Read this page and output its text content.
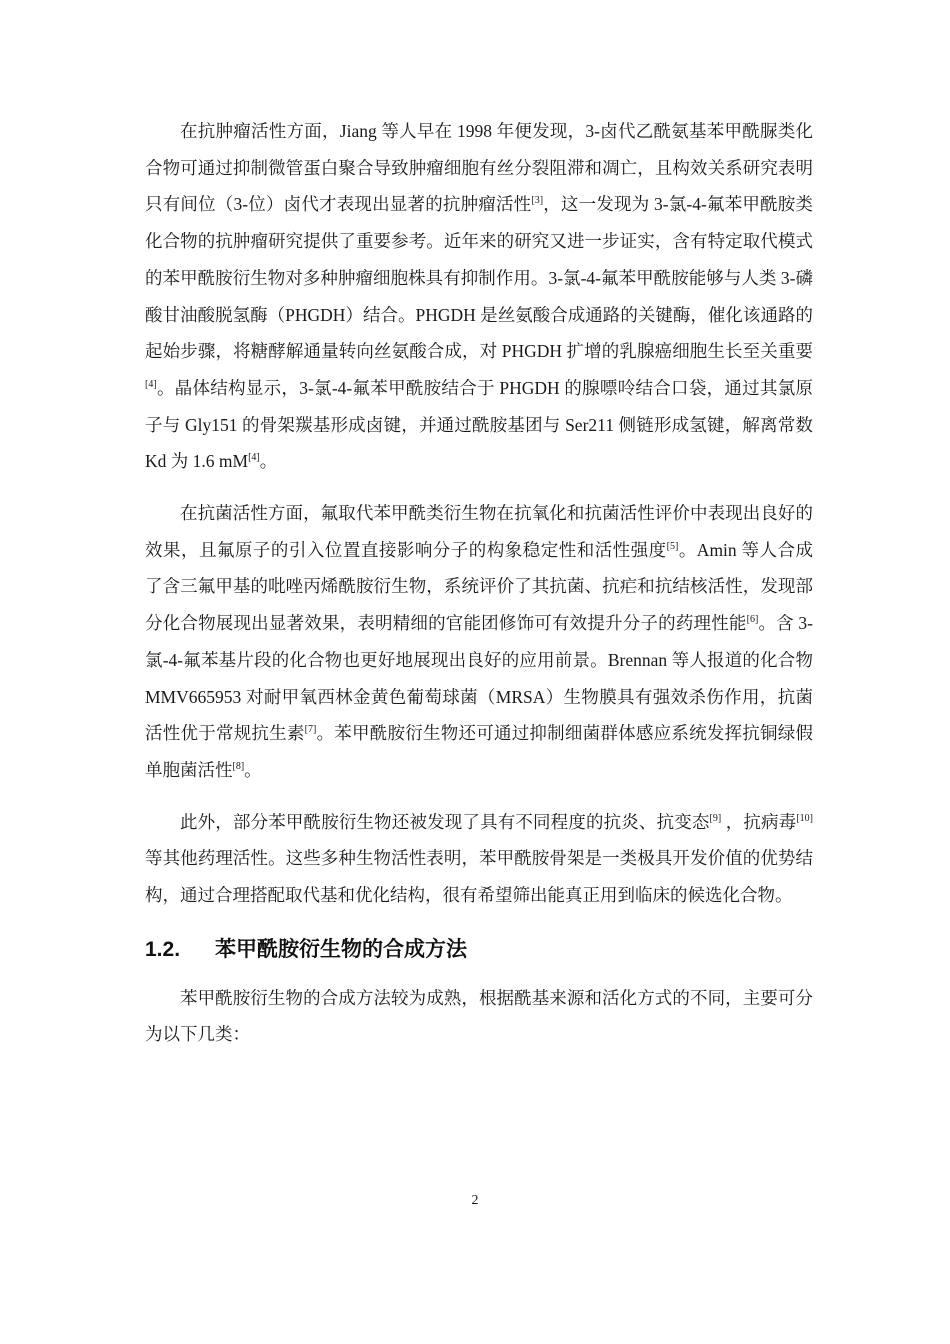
在抗肿瘤活性方面，Jiang 等人早在 1998 年便发现，3-卤代乙酰氨基苯甲酰脲类化合物可通过抑制微管蛋白聚合导致肿瘤细胞有丝分裂阻滞和凋亡，且构效关系研究表明只有间位（3-位）卤代才表现出显著的抗肿瘤活性[3]，这一发现为 3-氯-4-氟苯甲酰胺类化合物的抗肿瘤研究提供了重要参考。近年来的研究又进一步证实，含有特定取代模式的苯甲酰胺衍生物对多种肿瘤细胞株具有抑制作用。3-氯-4-氟苯甲酰胺能够与人类 3-磷酸甘油酸脱氢酶（PHGDH）结合。PHGDH 是丝氨酸合成通路的关键酶，催化该通路的起始步骤，将糖酵解通量转向丝氨酸合成，对 PHGDH 扩增的乳腺癌细胞生长至关重要[4]。晶体结构显示，3-氯-4-氟苯甲酰胺结合于 PHGDH 的腺嘌呤结合口袋，通过其氯原子与 Gly151 的骨架羰基形成卤键，并通过酰胺基团与 Ser211 侧链形成氢键，解离常数 Kd 为 1.6 mM[4]。

在抗菌活性方面，氟取代苯甲酰类衍生物在抗氧化和抗菌活性评价中表现出良好的效果，且氟原子的引入位置直接影响分子的构象稳定性和活性强度[5]。Amin 等人合成了含三氟甲基的吡唑丙烯酰胺衍生物，系统评价了其抗菌、抗疟和抗结核活性，发现部分化合物展现出显著效果，表明精细的官能团修饰可有效提升分子的药理性能[6]。含 3-氯-4-氟苯基片段的化合物也更好地展现出良好的应用前景。Brennan 等人报道的化合物 MMV665953 对耐甲氧西林金黄色葡萄球菌（MRSA）生物膜具有强效杀伤作用，抗菌活性优于常规抗生素[7]。苯甲酰胺衍生物还可通过抑制细菌群体感应系统发挥抗铜绿假单胞菌活性[8]。

此外，部分苯甲酰胺衍生物还被发现了具有不同程度的抗炎、抗变态[9] ，抗病毒[10]等其他药理活性。这些多种生物活性表明，苯甲酰胺骨架是一类极具开发价值的优势结构，通过合理搭配取代基和优化结构，很有希望筛出能真正用到临床的候选化合物。

1.2.	苯甲酰胺衍生物的合成方法

苯甲酰胺衍生物的合成方法较为成熟，根据酰基来源和活化方式的不同，主要可分为以下几类：

2
